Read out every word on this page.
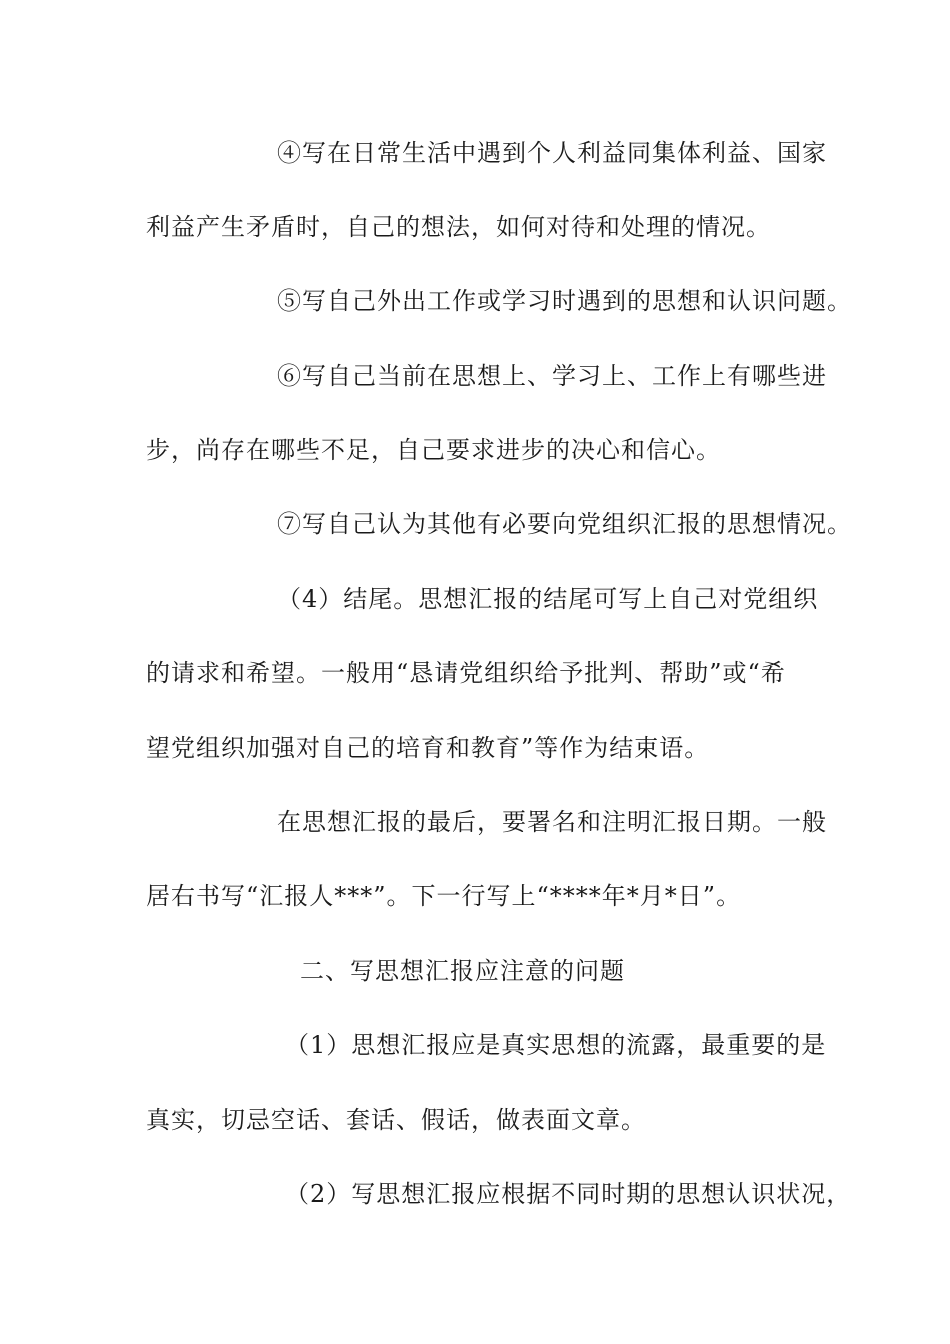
④写在日常生活中遇到个人利益同集体利益、国家
利益产生矛盾时，自己的想法，如何对待和处理的情况。
⑤写自己外出工作或学习时遇到的思想和认识问题。
⑥写自己当前在思想上、学习上、工作上有哪些进
步，尚存在哪些不足，自己要求进步的决心和信心。
⑦写自己认为其他有必要向党组织汇报的思想情况。
（4）结尾。思想汇报的结尾可写上自己对党组织
的请求和希望。一般用“恳请党组织给予批判、帮助”或“希
望党组织加强对自己的培育和教育”等作为结束语。
在思想汇报的最后，要署名和注明汇报日期。一般
居右书写“汇报人***”。下一行写上“****年*月*日”。
二、写思想汇报应注意的问题
（1）思想汇报应是真实思想的流露，最重要的是
真实，切忌空话、套话、假话，做表面文章。
（2）写思想汇报应根据不同时期的思想认识状况，
